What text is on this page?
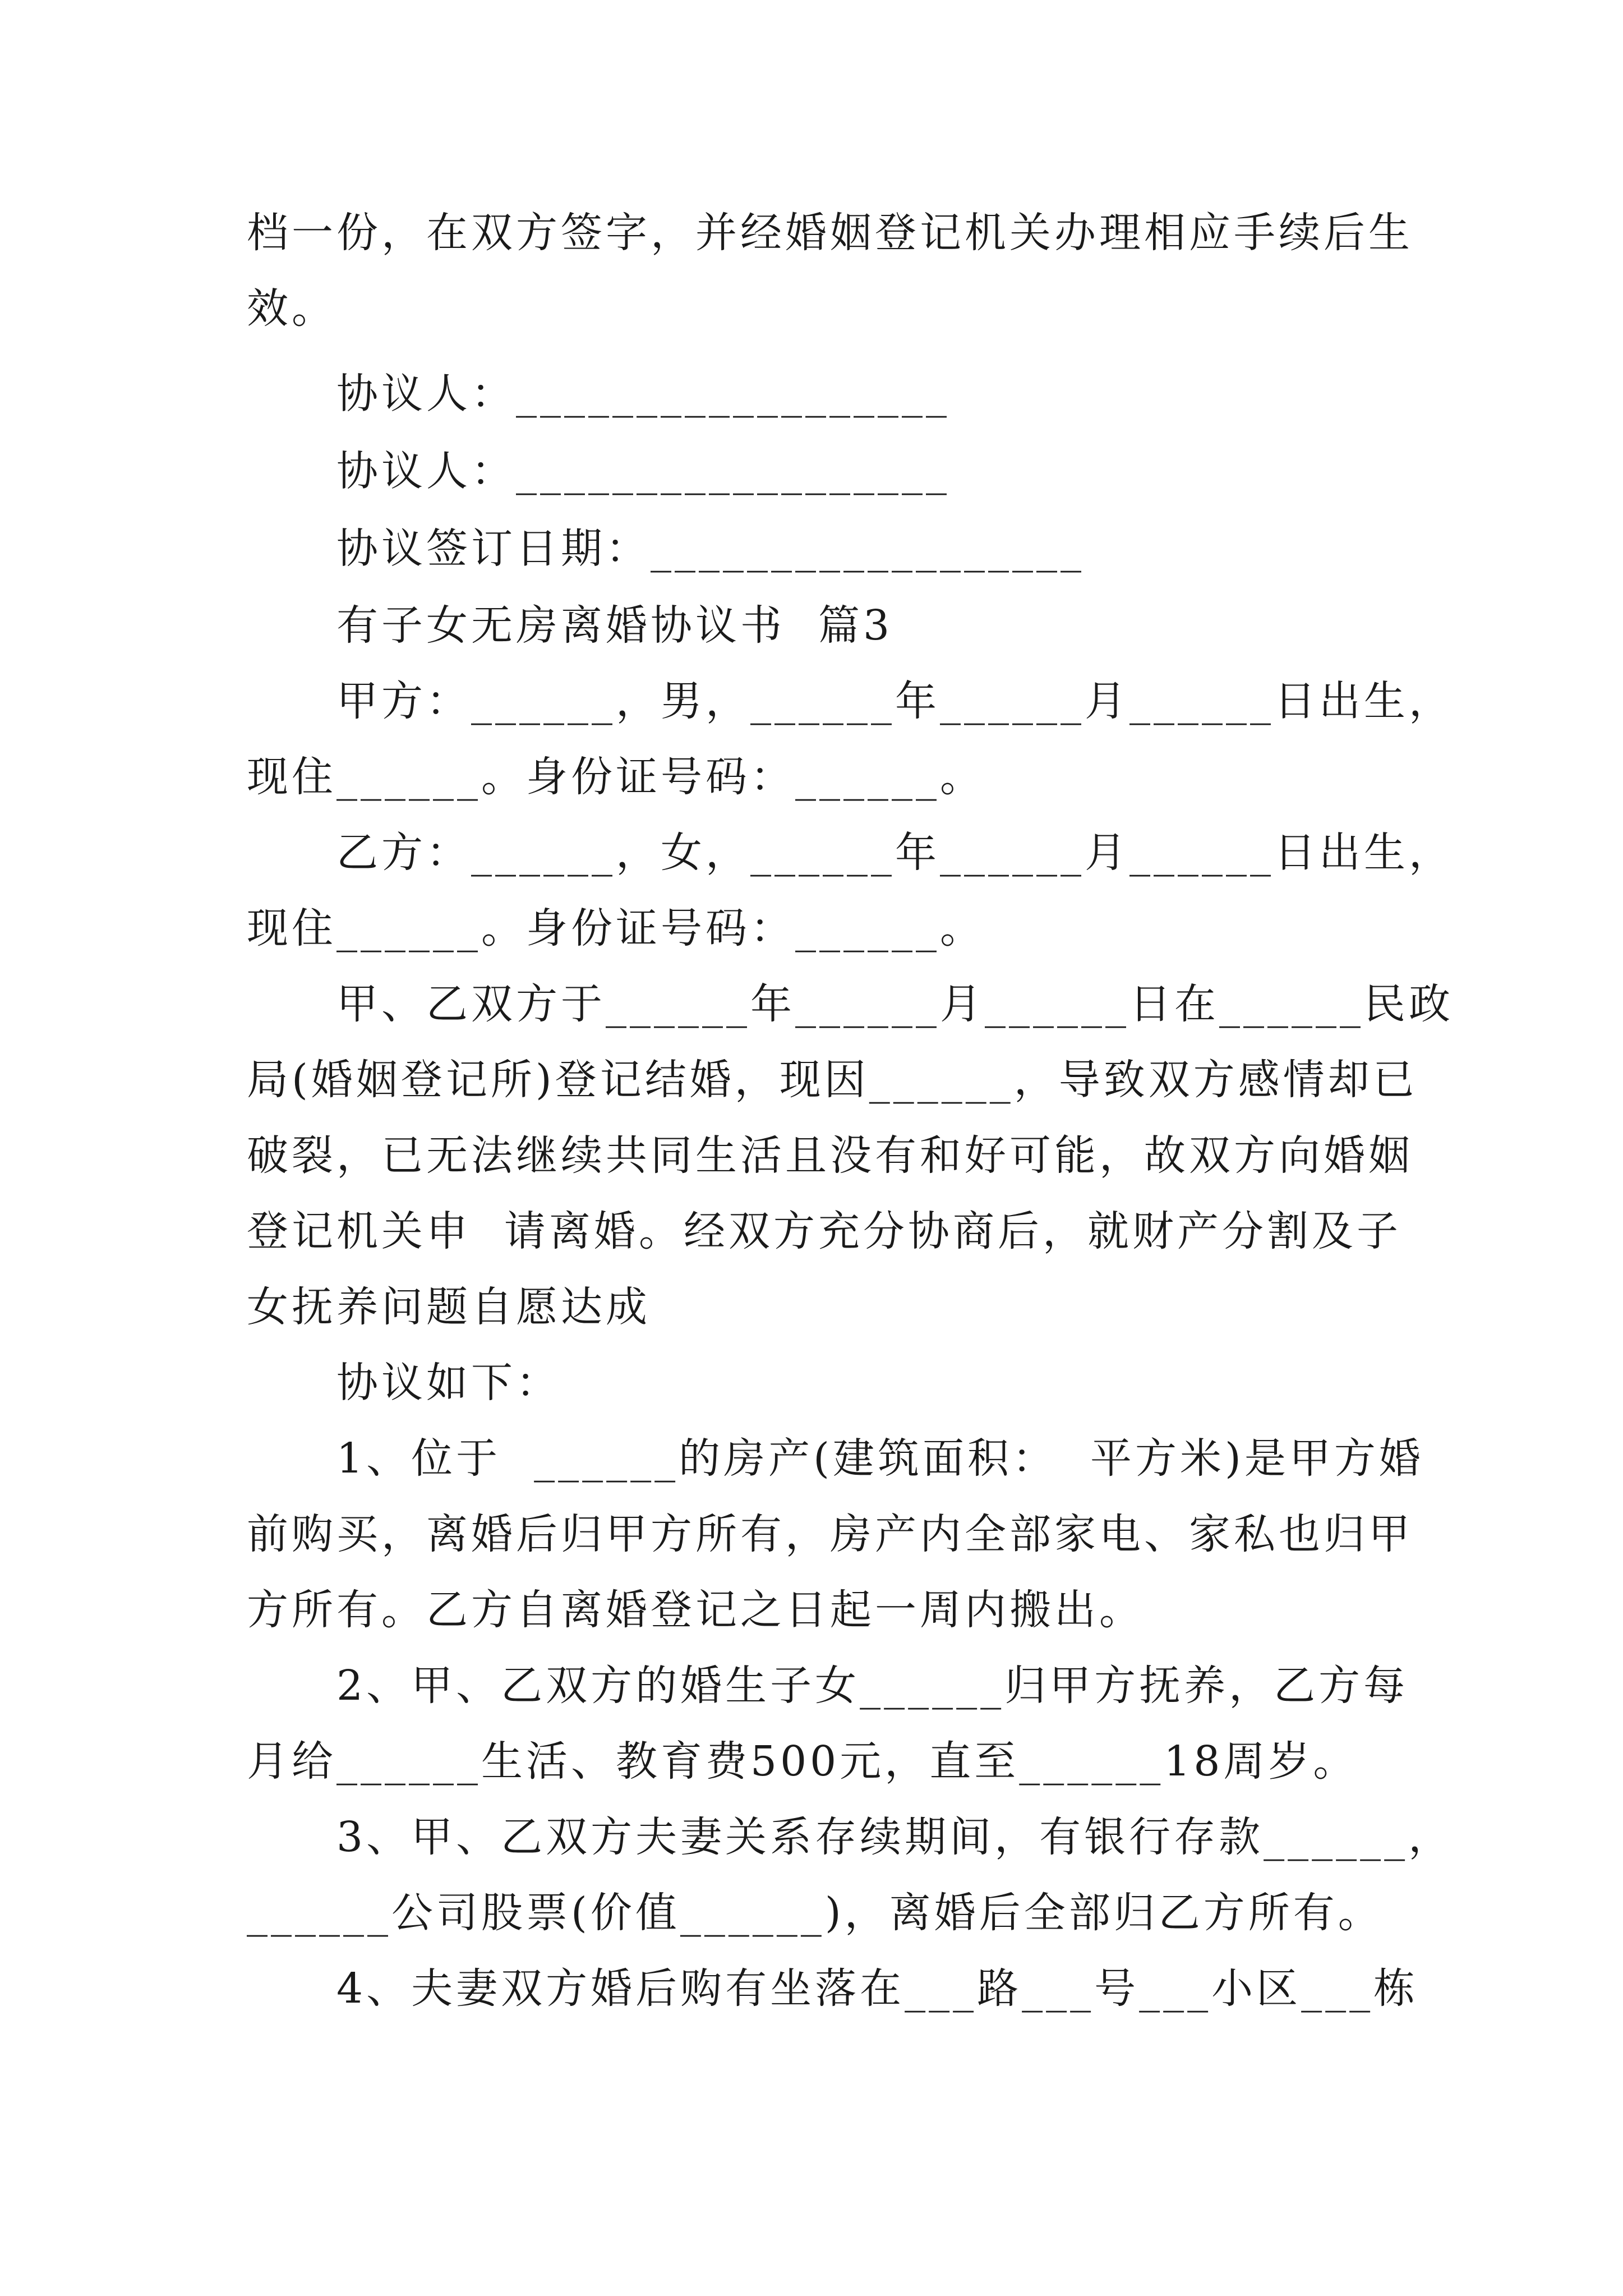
档一份，在双方签字，并经婚姻登记机关办理相应手续后生
效。
协议人：__________________
协议人：__________________
协议签订日期：__________________
有子女无房离婚协议书  篇3
甲方：______，男，______年______月______日出生，
现住______。身份证号码：______。
乙方：______，女，______年______月______日出生，
现住______。身份证号码：______。
甲、乙双方于______年______月______日在______民政
局(婚姻登记所)登记结婚，现因______，导致双方感情却已
破裂，已无法继续共同生活且没有和好可能，故双方向婚姻
登记机关申  请离婚。经双方充分协商后，就财产分割及子
女抚养问题自愿达成
协议如下：
1、位于  ______的房产(建筑面积：  平方米)是甲方婚
前购买，离婚后归甲方所有，房产内全部家电、家私也归甲
方所有。乙方自离婚登记之日起一周内搬出。
2、甲、乙双方的婚生子女______归甲方抚养，乙方每
月给______生活、教育费500元，直至______18周岁。
3、甲、乙双方夫妻关系存续期间，有银行存款______，
______公司股票(价值______)，离婚后全部归乙方所有。
4、夫妻双方婚后购有坐落在___路___号___小区___栋
